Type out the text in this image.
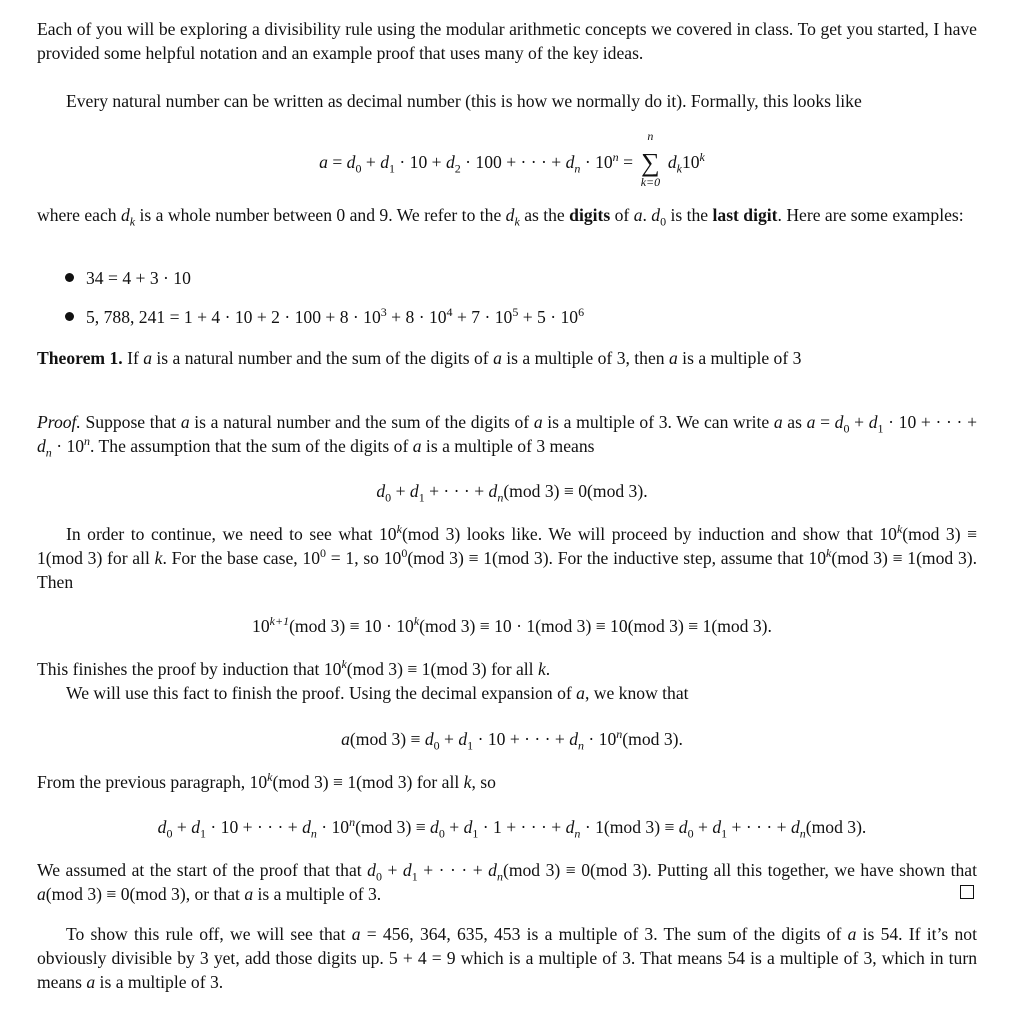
Each of you will be exploring a divisibility rule using the modular arithmetic concepts we covered in class. To get you started, I have provided some helpful notation and an example proof that uses many of the key ideas.

Every natural number can be written as decimal number (this is how we normally do it). Formally, this looks like

$a = d_0 + d_1 \cdot 10 + d_2 \cdot 100$ + · · · + $d_n \cdot 10^n$ =
n
∑
k=0
$d_k10^k$

where each $d_k$ is a whole number between 0 and 9. We refer to the $d_k$ as the digits of a. $d_0$ is the last digit. Here are some examples:

34 = 4 + 3 · 10
5, 788, $241 = 1 + 4 \cdot 10 + 2 \cdot 100 + 8 \cdot 10^3 + 8 \cdot 10^4 + 7 \cdot 10^5 + 5 \cdot 10^6$

Theorem 1. If a is a natural number and the sum of the digits of a is a multiple of 3, then a is a multiple of 3

Proof. Suppose that a is a natural number and the sum of the digits of a is a multiple of 3. We can write a as $a = d_0 + d_1 \cdot 10$ + · · · + $d_n \cdot 10^n$. The assumption that the sum of the digits of a is a multiple of 3 means

$d_0 + d_1$ + · · · + $d_n(mod$ 3) ≡ 0(mod 3).

In order to continue, we need to see what 10$^k$(mod 3) looks like. We will proceed by induction and show that 10$^k$(mod 3) ≡ 1(mod 3) for all k. For the base case, $10^0 = 1$, so $10^0(mod$ 3) ≡ 1(mod 3). For the inductive step, assume that 10$^k$(mod 3) ≡ 1(mod 3). Then

$10^{k+1}(mod$ $3) \equiv 10 \cdot 10^k(mod$ 3) ≡ 10 · 1(mod 3) ≡ 10(mod 3) ≡ 1(mod 3).

This finishes the proof by induction that 10$^k$(mod 3) ≡ 1(mod 3) for all k.

We will use this fact to finish the proof. Using the decimal expansion of a, we know that

a(mod $3) \equiv d_0 + d_1 \cdot 10$ + · · · + $d_n \cdot 10^n(mod$ 3).

From the previous paragraph, 10$^k$(mod 3) ≡ 1(mod 3) for all k, so

$d_0 + d_1 \cdot 10$ + · · · + $d_n \cdot 10^n(mod$ $3) \equiv d_0 + d_1 \cdot 1$ + · · · + $d_n \cdot 1(mod$ $3) \equiv d_0 + d_1$ + · · · + $d_n(mod$ 3).

We assumed at the start of the proof that that $d_0 + d_1$ + · · · + $d_n(mod$ 3) ≡ 0(mod 3). Putting all this together, we have shown that a(mod 3) ≡ 0(mod 3), or that a is a multiple of 3.

To show this rule off, we will see that a = 456, 364, 635, 453 is a multiple of 3. The sum of the digits of a is 54. If it’s not obviously divisible by 3 yet, add those digits up. 5 + 4 = 9 which is a multiple of 3. That means 54 is a multiple of 3, which in turn means a is a multiple of 3.
